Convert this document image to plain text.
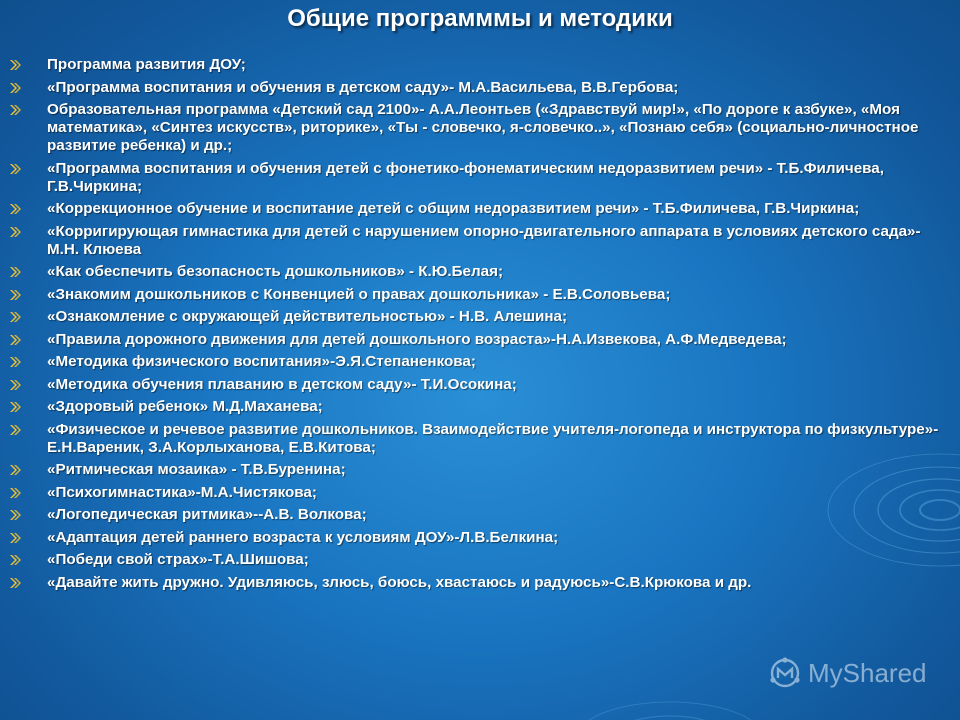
Общие программмы и методики
Программа развития ДОУ;
«Программа воспитания и обучения в детском саду»- М.А.Васильева, В.В.Гербова;
Образовательная программа «Детский сад 2100»- А.А.Леонтьев («Здравствуй мир!», «По дороге к азбуке», «Моя математика», «Синтез искусств», риторике», «Ты - словечко, я-словечко..», «Познаю себя» (социально-личностное развитие ребенка) и др.;
«Программа воспитания и обучения детей с фонетико-фонематическим недоразвитием речи» - Т.Б.Филичева, Г.В.Чиркина;
«Коррекционное обучение и воспитание детей с общим недоразвитием речи» - Т.Б.Филичева, Г.В.Чиркина;
«Корригирующая гимнастика для детей с нарушением опорно-двигательного аппарата в условиях детского сада»-М.Н. Клюева
«Как обеспечить безопасность дошкольников» - К.Ю.Белая;
«Знакомим дошкольников с Конвенцией о правах дошкольника» - Е.В.Соловьева;
«Ознакомление с окружающей действительностью» - Н.В. Алешина;
«Правила дорожного движения для детей дошкольного возраста»-Н.А.Извекова, А.Ф.Медведева;
«Методика физического воспитания»-Э.Я.Степаненкова;
«Методика обучения плаванию в детском саду»- Т.И.Осокина;
«Здоровый ребенок» М.Д.Маханева;
«Физическое и речевое развитие дошкольников. Взаимодействие учителя-логопеда и инструктора по физкультуре»-Е.Н.Вареник, З.А.Корлыханова, Е.В.Китова;
«Ритмическая мозаика» - Т.В.Буренина;
«Психогимнастика»-М.А.Чистякова;
«Логопедическая ритмика»--А.В. Волкова;
«Адаптация детей раннего возраста к условиям ДОУ»-Л.В.Белкина;
«Победи свой страх»-Т.А.Шишова;
«Давайте жить дружно. Удивляюсь, злюсь, боюсь, хвастаюсь и радуюсь»-С.В.Крюкова и др.
MyShared
